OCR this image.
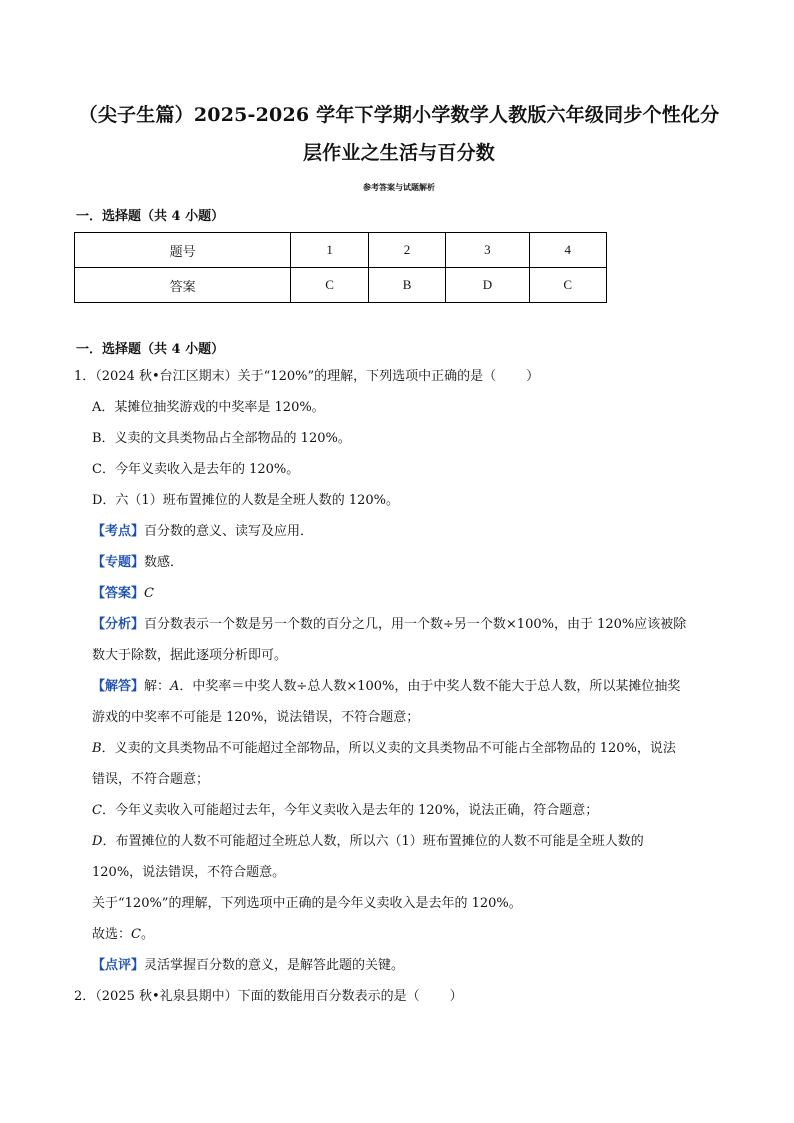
（尖子生篇）2025-2026 学年下学期小学数学人教版六年级同步个性化分
层作业之生活与百分数
参考答案与试题解析
一．选择题（共 4 小题）
题号	1	2	3	4
答案	C	B	D	C
一．选择题（共 4 小题）

1．（2024 秋•台江区期末）关于“120%”的理解，下列选项中正确的是（ ）

A．某摊位抽奖游戏的中奖率是 120%。

B．义卖的文具类物品占全部物品的 120%。

C．今年义卖收入是去年的 120%。

D．六（1）班布置摊位的人数是全班人数的 120%。

【考点】百分数的意义、读写及应用．

【专题】数感．

【答案】C

【分析】百分数表示一个数是另一个数的百分之几，用一个数÷另一个数×100%，由于 120%应该被除

数大于除数，据此逐项分析即可。

【解答】解：A．中奖率＝中奖人数÷总人数×100%，由于中奖人数不能大于总人数，所以某摊位抽奖

游戏的中奖率不可能是 120%，说法错误，不符合题意；

B．义卖的文具类物品不可能超过全部物品，所以义卖的文具类物品不可能占全部物品的 120%，说法

错误，不符合题意；

C．今年义卖收入可能超过去年，今年义卖收入是去年的 120%，说法正确，符合题意；

D．布置摊位的人数不可能超过全班总人数，所以六（1）班布置摊位的人数不可能是全班人数的

120%，说法错误，不符合题意。

关于“120%”的理解，下列选项中正确的是今年义卖收入是去年的 120%。

故选：C。

【点评】灵活掌握百分数的意义，是解答此题的关键。

2．（2025 秋•礼泉县期中）下面的数能用百分数表示的是（ ）
